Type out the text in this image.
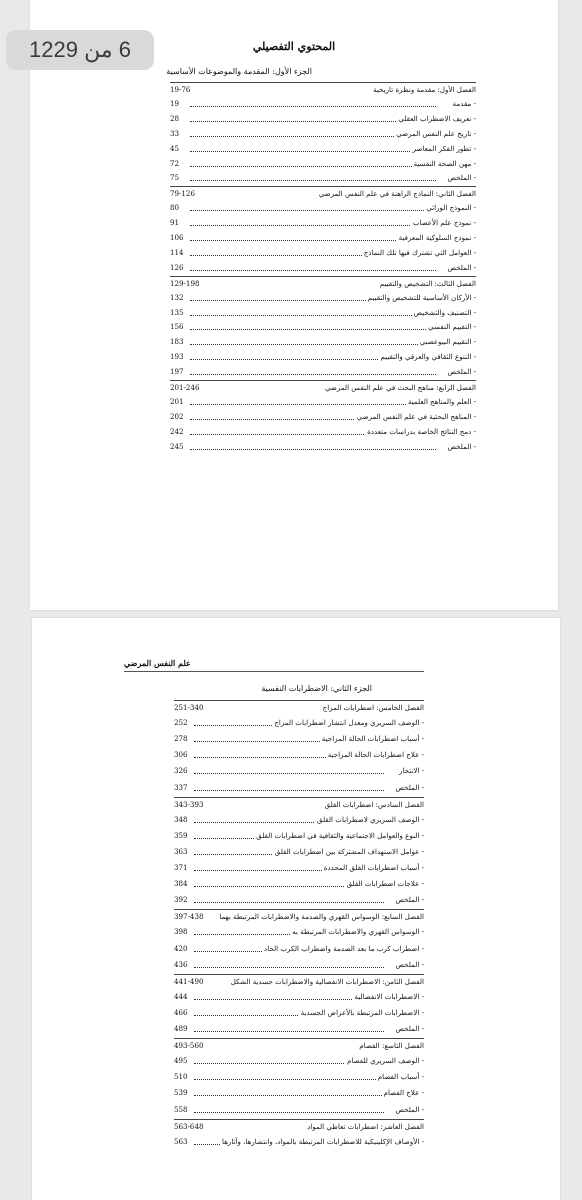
6 من 1229	المحتوي التفصيلي
الجزء الأول: المقدمة والموضوعات الأساسية
الفصل الأول: مقدمة ونظرة تاريخية
19-76
- مقدمة
19
- تعريف الاضطراب العقلي
28
- تاريخ علم النفس المرضي
33
- تطور الفكر المعاصر
45
- مهن الصحة النفسية
72
- الملخص
75
الفصل الثاني: النماذج الراهنة في علم النفس المرضي
79-126
- النموذج الوراثي
80
- نموذج علم الأعصاب
91
- نموذج السلوكية المعرفية
106
- العوامل التي تشترك فيها تلك النماذج
114
- الملخص
126
الفصل الثالث: التشخيص والتقييم
129-198
- الأركان الأساسية للتشخيص والتقييم
132
- التصنيف والتشخيص
135
- التقييم النفسي
156
- التقييم البيوعصبي
183
- التنوع الثقافي والعرقي والتقييم
193
- الملخص
197
الفصل الرابع: مناهج البحث في علم النفس المرضي
201-246
- العلم والمناهج العلمية
201
- المناهج البحثية في علم النفس المرضي
202
- دمج النتائج الخاصة بدراسات متعددة
242
- الملخص
245
علم النفس المرضي
الجزء الثاني: الاضطرابات النفسية
الفصل الخامس: اضطرابات المزاج
251-340
- الوصف السريري ومعدل انتشار اضطرابات المزاج
252
- أسباب اضطرابات الحالة المزاجية
278
- علاج اضطرابات الحالة المزاجية
306
- الانتحار
326
- الملخص
337
الفصل السادس: اضطرابات القلق
343-393
- الوصف السريري لاضطرابات القلق
348
- النوع والعوامل الاجتماعية والثقافية في اضطرابات القلق
359
- عوامل الاستهداف المشتركة بين اضطرابات القلق
363
- أسباب اضطرابات القلق المحددة
371
- علاجات اضطرابات القلق
384
- الملخص
392
الفصل السابع: الوسواس القهري والصدمة والاضطرابات المرتبطة بهما
397-438
- الوسواس القهري والاضطرابات المرتبطة به
398
- اضطراب كرب ما بعد الصدمة واضطراب الكرب الحاد
420
- الملخص
436
الفصل الثامن: الاضطرابات الانفصالية والاضطرابات جسدية الشكل
441-490
- الاضطرابات الانفصالية
444
- الاضطرابات المرتبطة بالأعراض الجسدية
466
- الملخص
489
الفصل التاسع: الفصام
493-560
- الوصف السريري للفصام
495
- أسباب الفصام
510
- علاج الفصام
539
- الملخص
558
الفصل العاشر: اضطرابات تعاطي المواد
563-648
- الأوصاف الإكلينيكية للاضطرابات المرتبطة بالمواد، وانتشارها، وآثارها
563
